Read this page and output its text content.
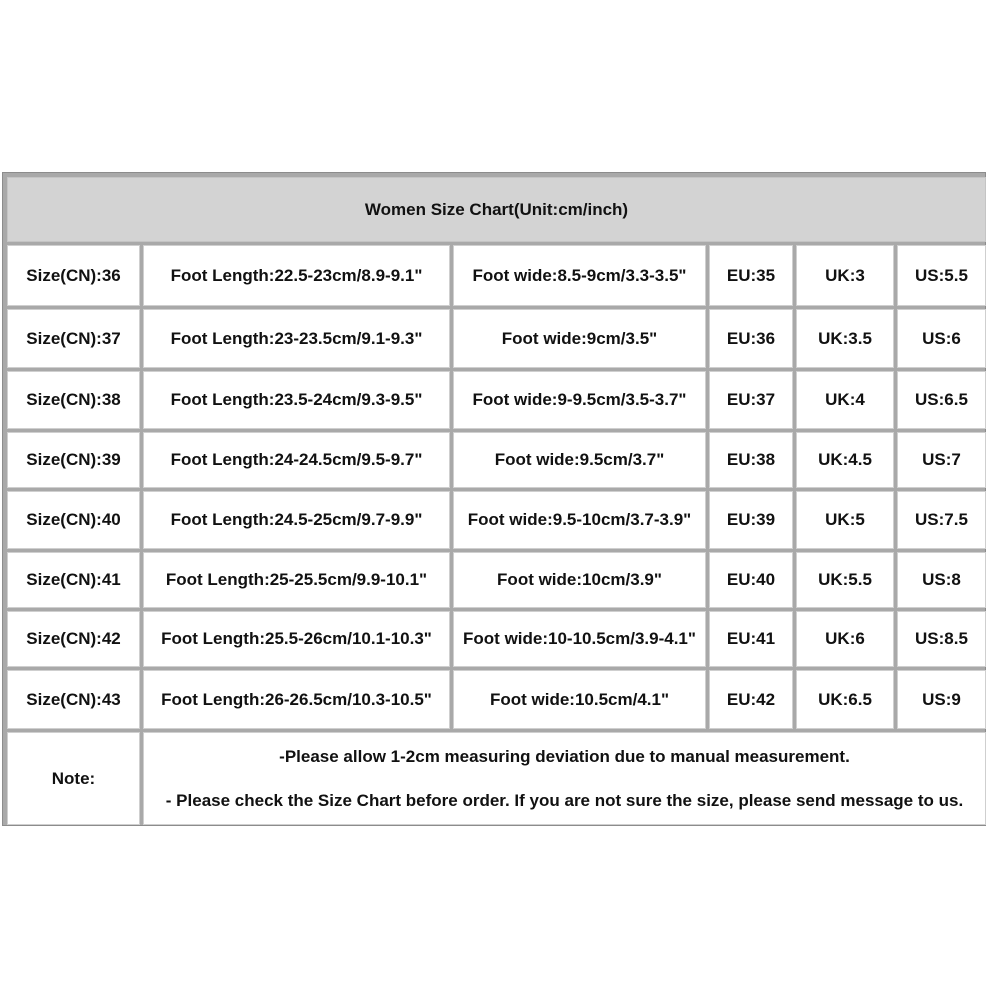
Women Size Chart(Unit:cm/inch)
Size(CN):36	Foot Length:22.5-23cm/8.9-9.1"	Foot wide:8.5-9cm/3.3-3.5"	EU:35	UK:3	US:5.5
Size(CN):37	Foot Length:23-23.5cm/9.1-9.3"	Foot wide:9cm/3.5"	EU:36	UK:3.5	US:6
Size(CN):38	Foot Length:23.5-24cm/9.3-9.5"	Foot wide:9-9.5cm/3.5-3.7"	EU:37	UK:4	US:6.5
Size(CN):39	Foot Length:24-24.5cm/9.5-9.7"	Foot wide:9.5cm/3.7"	EU:38	UK:4.5	US:7
Size(CN):40	Foot Length:24.5-25cm/9.7-9.9"	Foot wide:9.5-10cm/3.7-3.9"	EU:39	UK:5	US:7.5
Size(CN):41	Foot Length:25-25.5cm/9.9-10.1"	Foot wide:10cm/3.9"	EU:40	UK:5.5	US:8
Size(CN):42	Foot Length:25.5-26cm/10.1-10.3"	Foot wide:10-10.5cm/3.9-4.1"	EU:41	UK:6	US:8.5
Size(CN):43	Foot Length:26-26.5cm/10.3-10.5"	Foot wide:10.5cm/4.1"	EU:42	UK:6.5	US:9
Note:
-Please allow 1-2cm measuring deviation due to manual measurement.
- Please check the Size Chart before order. If you are not sure the size, please send message to us.
